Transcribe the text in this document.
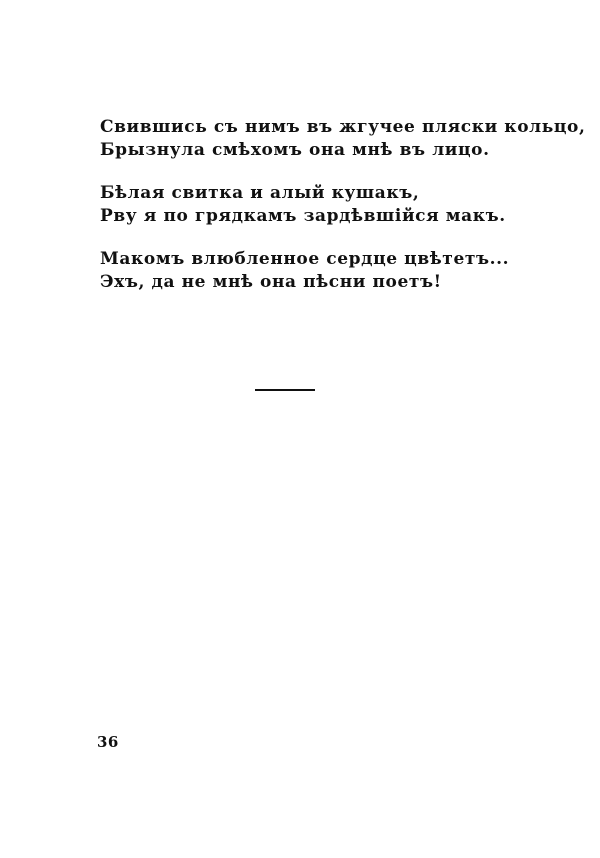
Свившись съ нимъ въ жгучее пляски кольцо,
Брызнула смѣхомъ она мнѣ въ лицо.
Бѣлая свитка и алый кушакъ,
Рву я по грядкамъ зардѣвшійся макъ.
Макомъ влюбленное сердце цвѣтетъ...
Эхъ, да не мнѣ она пѣсни поетъ!
36
